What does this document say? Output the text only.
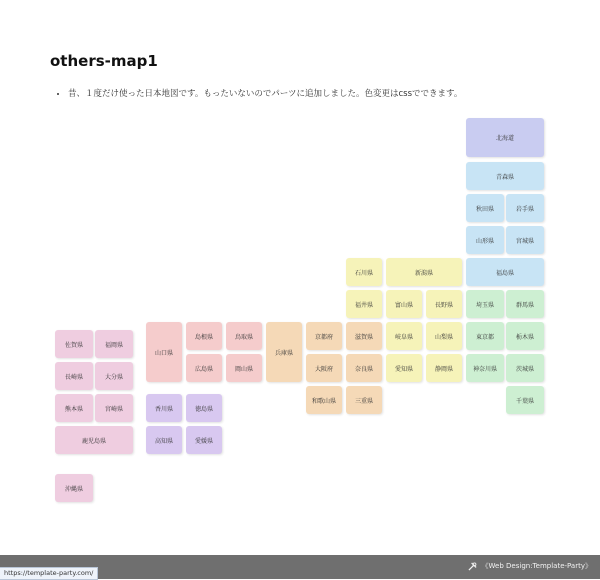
others-map1
• 昔、１度だけ使った日本地図です。もったいないのでパーツに追加しました。色変更はcssでできます。
北海道
青森県
秋田県	岩手県
山形県	宮城県
福島県
石川県	新潟県
福井県	富山県	長野県
岐阜県	山梨県
愛知県	静岡県
埼玉県	群馬県
東京都	栃木県
神奈川県	茨城県
千葉県
京都府	滋賀県
大阪府	奈良県
和歌山県	三重県
兵庫県
島根県	鳥取県
広島県	岡山県
山口県
香川県	徳島県
高知県	愛媛県
佐賀県	福岡県
長崎県	大分県
熊本県	宮崎県
鹿児島県
沖縄県
《Web Design:Template-Party》
https://template-party.com/
